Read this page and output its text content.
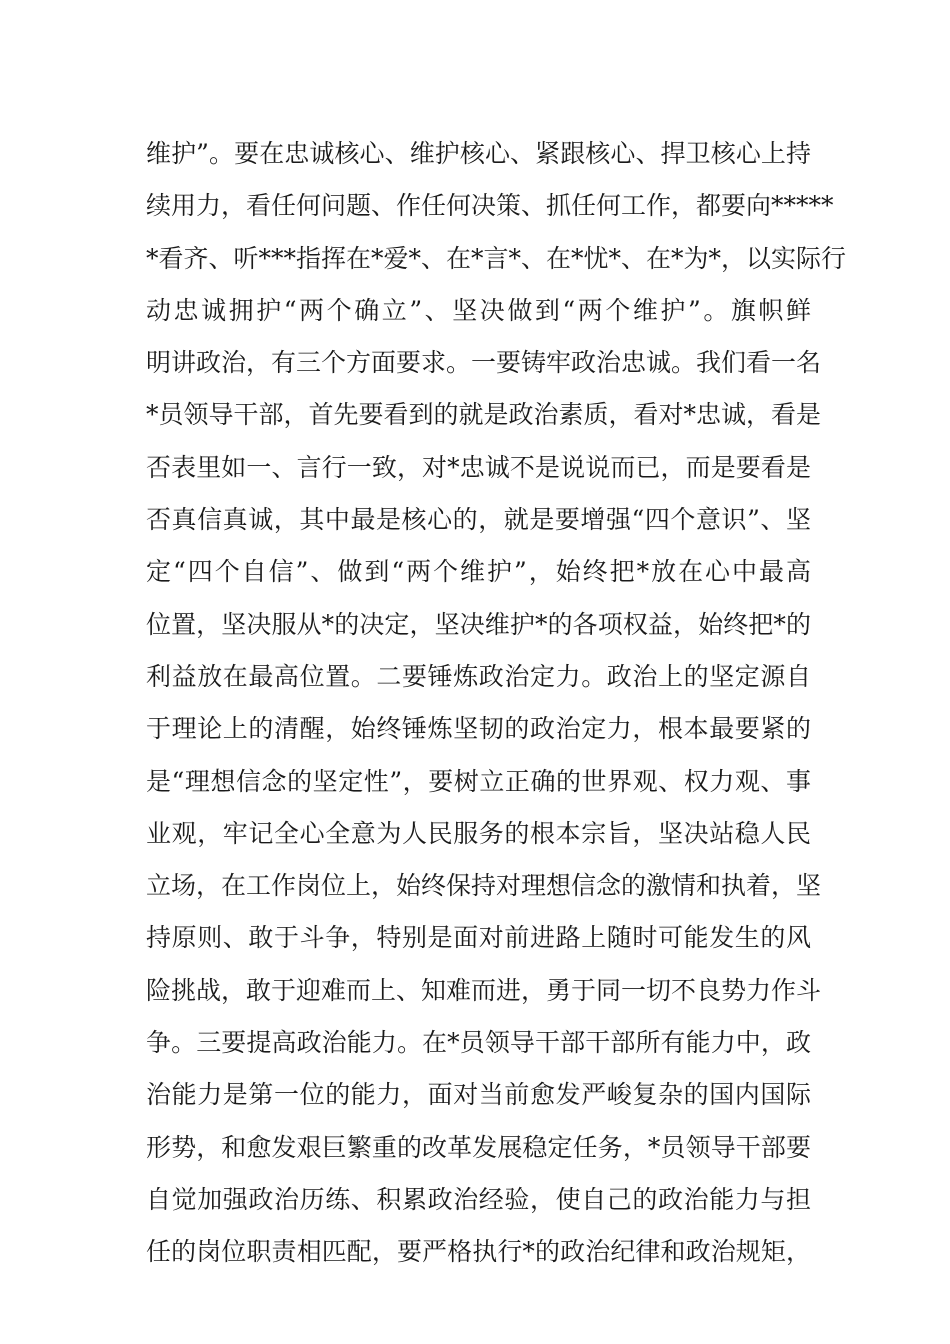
维护”。要在忠诚核心、维护核心、紧跟核心、捍卫核心上持
续用力，看任何问题、作任何决策、抓任何工作，都要向*****
*看齐、听***指挥在*爱*、在*言*、在*忧*、在*为*，以实际行
动忠诚拥护“两个确立”、坚决做到“两个维护”。旗帜鲜
明讲政治，有三个方面要求。一要铸牢政治忠诚。我们看一名
*员领导干部，首先要看到的就是政治素质，看对*忠诚，看是
否表里如一、言行一致，对*忠诚不是说说而已，而是要看是
否真信真诚，其中最是核心的，就是要增强“四个意识”、坚
定“四个自信”、做到“两个维护”，始终把*放在心中最高
位置，坚决服从*的决定，坚决维护*的各项权益，始终把*的
利益放在最高位置。二要锤炼政治定力。政治上的坚定源自
于理论上的清醒，始终锤炼坚韧的政治定力，根本最要紧的
是“理想信念的坚定性”，要树立正确的世界观、权力观、事
业观，牢记全心全意为人民服务的根本宗旨，坚决站稳人民
立场，在工作岗位上，始终保持对理想信念的激情和执着，坚
持原则、敢于斗争，特别是面对前进路上随时可能发生的风
险挑战，敢于迎难而上、知难而进，勇于同一切不良势力作斗
争。三要提高政治能力。在*员领导干部干部所有能力中，政
治能力是第一位的能力，面对当前愈发严峻复杂的国内国际
形势，和愈发艰巨繁重的改革发展稳定任务，*员领导干部要
自觉加强政治历练、积累政治经验，使自己的政治能力与担
任的岗位职责相匹配，要严格执行*的政治纪律和政治规矩，
